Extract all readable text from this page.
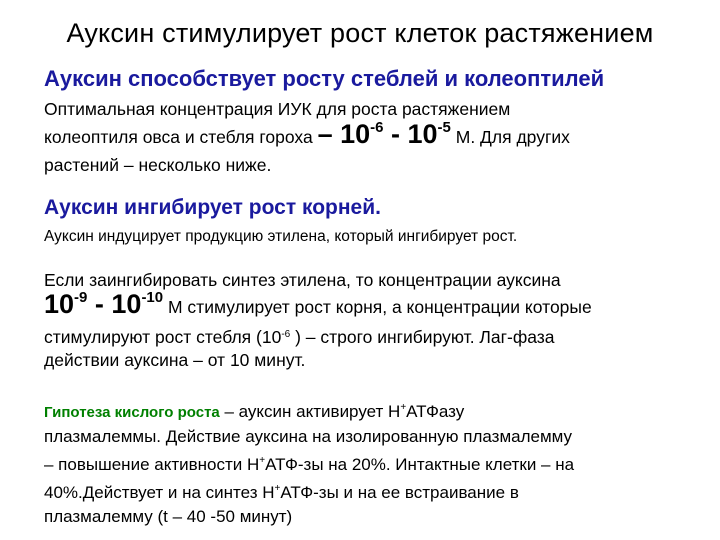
Ауксин стимулирует рост клеток растяжением
Ауксин способствует росту стеблей и колеоптилей
Оптимальная концентрация ИУК для роста растяжением
колеоптиля овса и стебля гороха – $10^{-6} - 10^{-5}$ М. Для других
растений – несколько ниже.
Ауксин ингибирует рост корней.
Ауксин индуцирует продукцию этилена, который ингибирует рост.
Если заингибировать синтез этилена, то концентрации ауксина
$10^{-9} - 10^{-10}$ М стимулирует рост корня, а концентрации которые
стимулируют рост стебля ($10^{-6}$ ) – строго ингибируют. Лаг-фаза
действии ауксина – от 10 минут.
Гипотеза кислого роста – ауксин активирует Н+АТФазу
плазмалеммы. Действие ауксина на изолированную плазмалемму
– повышение активности Н+АТФ-зы на 20%. Интактные клетки – на
40%.Действует и на синтез Н+АТФ-зы и на ее встраивание в
плазмалемму (t – 40 -50 минут)
